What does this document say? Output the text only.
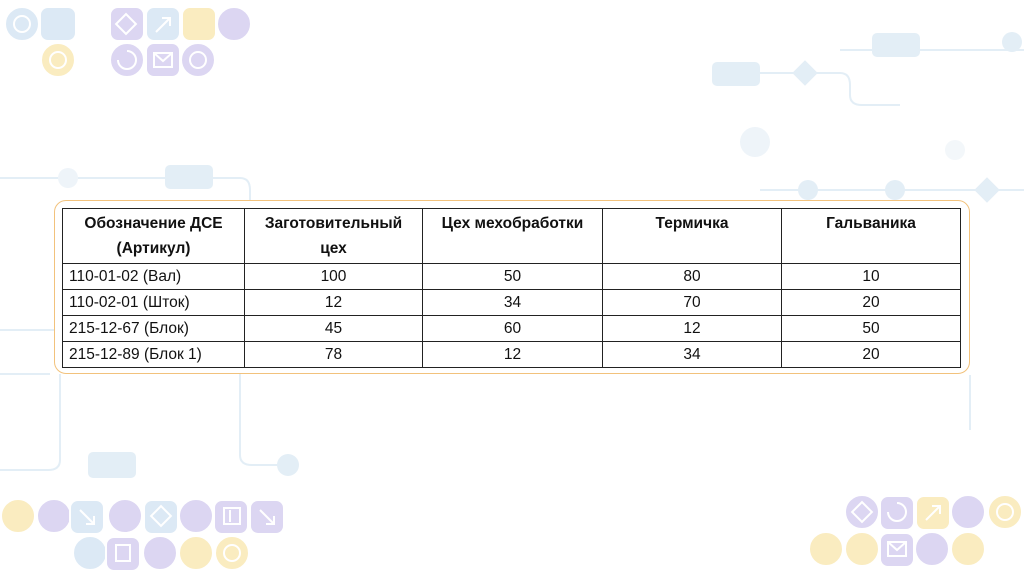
Обозначение ДСЕ (Артикул)	Заготовительный цех	Цех мехобработки	Термичка	Гальваника
110-01-02 (Вал)	100	50	80	10
110-02-01 (Шток)	12	34	70	20
215-12-67 (Блок)	45	60	12	50
215-12-89 (Блок 1)	78	12	34	20
